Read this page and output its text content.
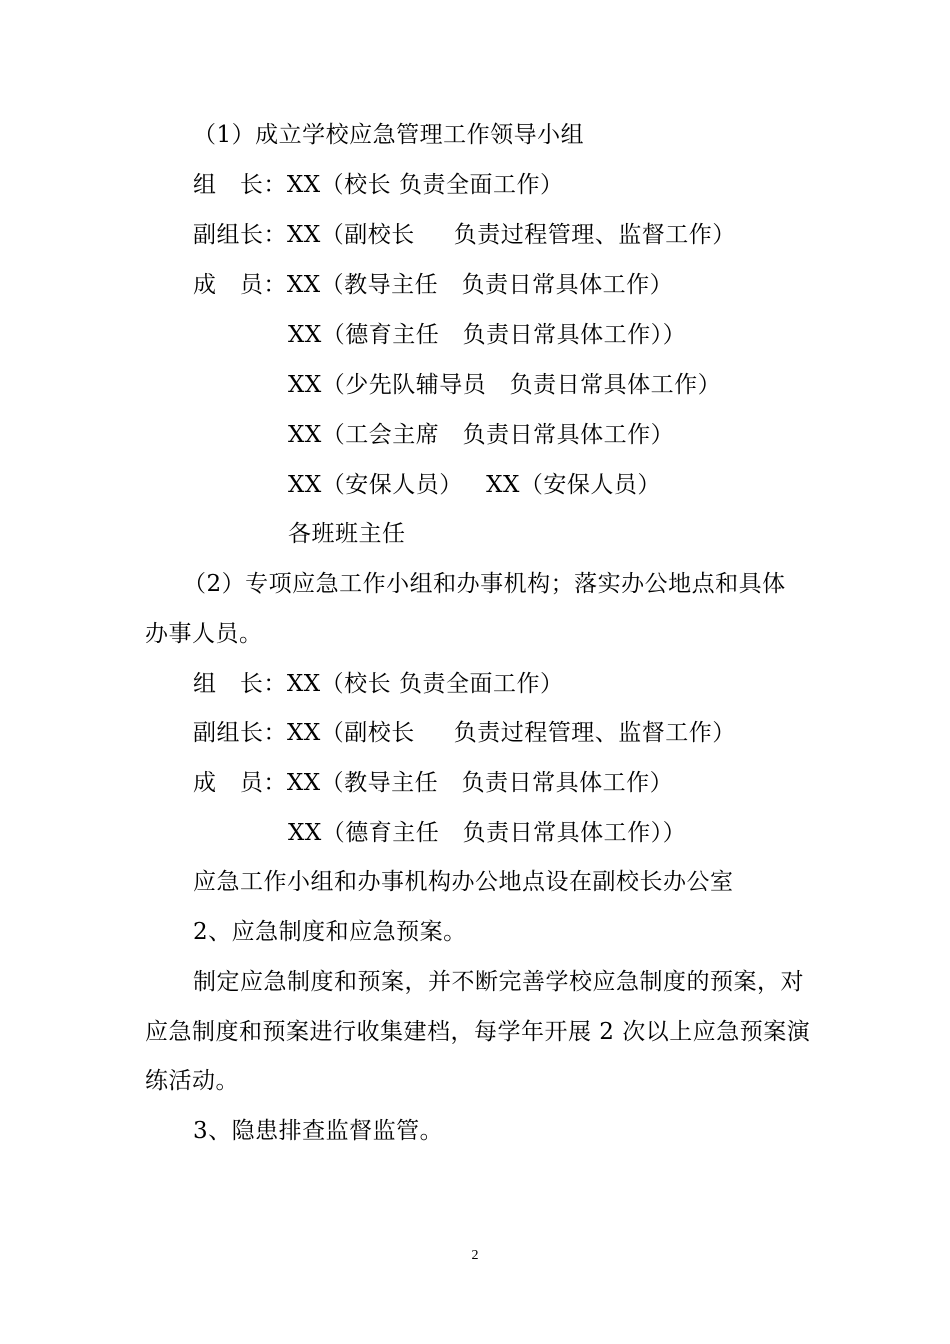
（1）成立学校应急管理工作领导小组
组   长：XX（校长 负责全面工作）
副组长：XX（副校长     负责过程管理、监督工作）
成   员：XX（教导主任   负责日常具体工作）
XX（德育主任   负责日常具体工作））
XX（少先队辅导员   负责日常具体工作）
XX（工会主席   负责日常具体工作）
XX（安保人员）   XX（安保人员）
各班班主任
（2）专项应急工作小组和办事机构；落实办公地点和具体
办事人员。
组   长：XX（校长 负责全面工作）
副组长：XX（副校长     负责过程管理、监督工作）
成   员：XX（教导主任   负责日常具体工作）
XX（德育主任   负责日常具体工作））
应急工作小组和办事机构办公地点设在副校长办公室
2、应急制度和应急预案。
制定应急制度和预案，并不断完善学校应急制度的预案，对
应急制度和预案进行收集建档，每学年开展 2 次以上应急预案演
练活动。
3、隐患排查监督监管。
2
